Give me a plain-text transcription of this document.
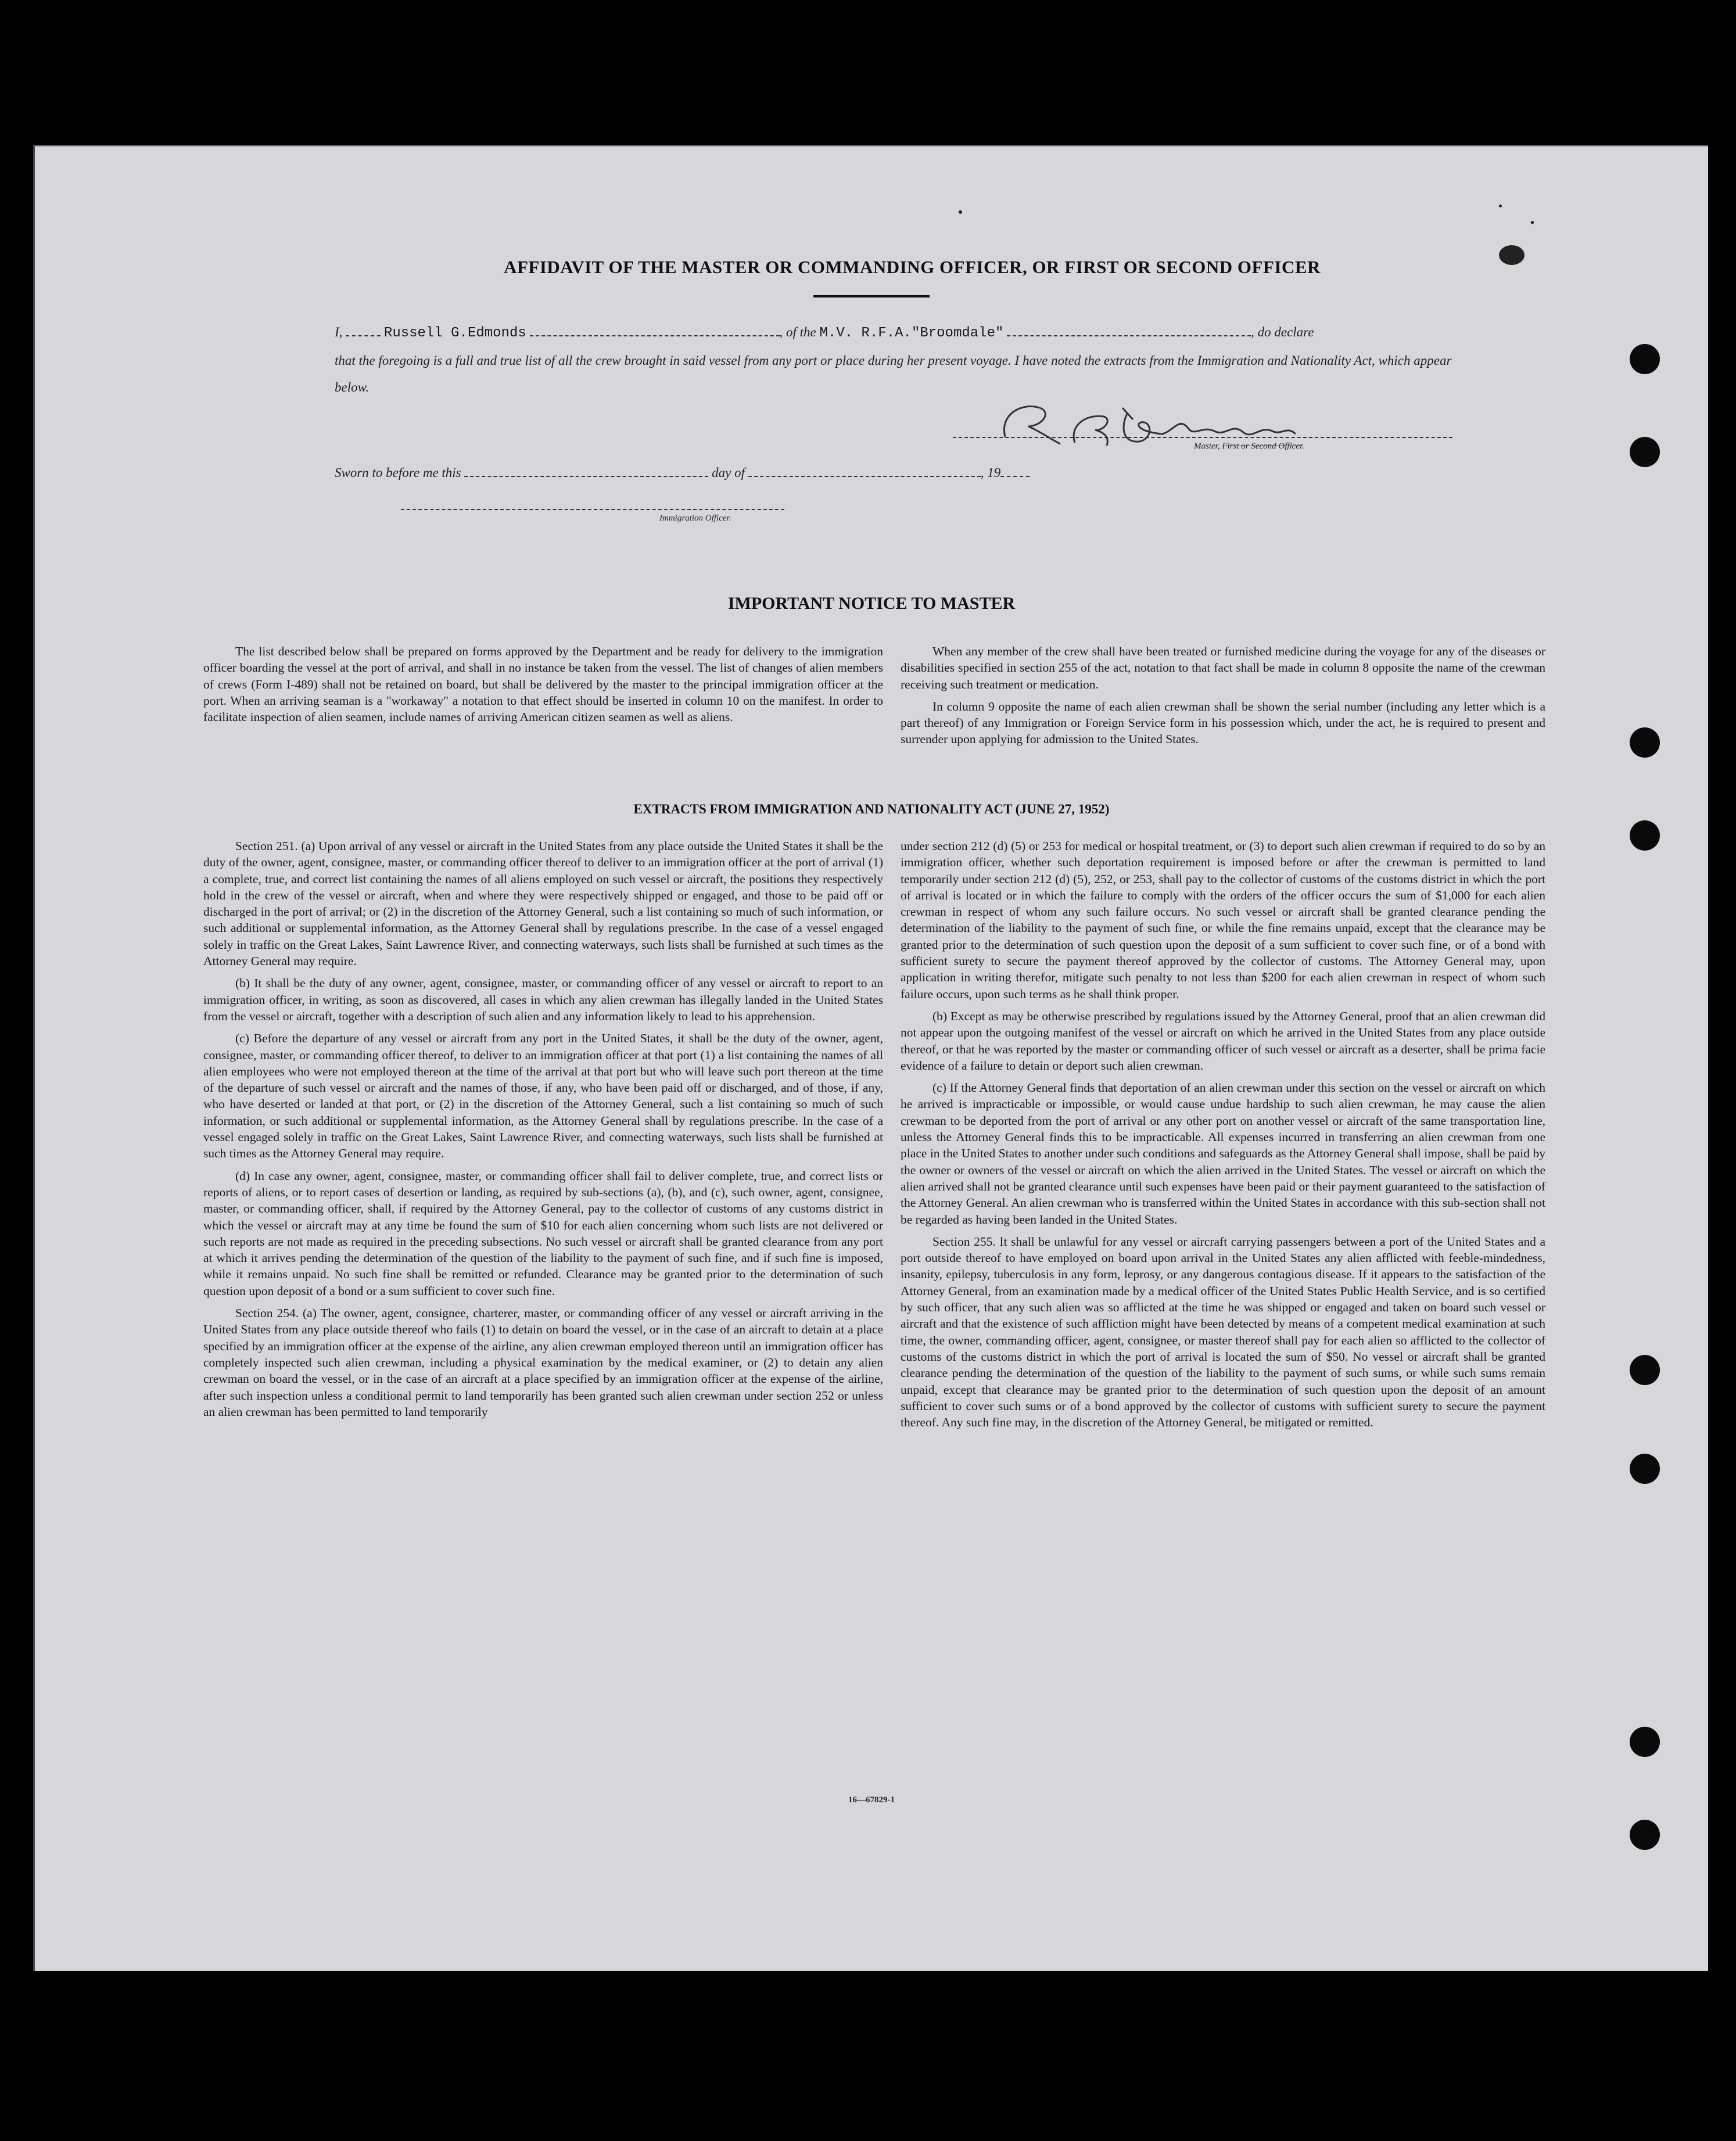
AFFIDAVIT OF THE MASTER OR COMMANDING OFFICER, OR FIRST OR SECOND OFFICER
I,	Russell G.Edmonds	, of the M.V. R.F.A."Broomdale"	, do declare
that the foregoing is a full and true list of all the crew brought in said vessel from any port or place during her present voyage. I have noted the extracts from the Immigration and Nationality Act, which appear below.
Master, First or Second Officer.
Sworn to before me this	day of	, 19
Immigration Officer.
IMPORTANT NOTICE TO MASTER

The list described below shall be prepared on forms approved by the Department and be ready for delivery to the immigration officer boarding the vessel at the port of arrival, and shall in no instance be taken from the vessel. The list of changes of alien members of crews (Form I-489) shall not be retained on board, but shall be delivered by the master to the principal immigration officer at the port. When an arriving seaman is a "workaway" a notation to that effect should be inserted in column 10 on the manifest. In order to facilitate inspection of alien seamen, include names of arriving American citizen seamen as well as aliens.

When any member of the crew shall have been treated or furnished medicine during the voyage for any of the diseases or disabilities specified in section 255 of the act, notation to that fact shall be made in column 8 opposite the name of the crewman receiving such treatment or medication.

In column 9 opposite the name of each alien crewman shall be shown the serial number (including any letter which is a part thereof) of any Immigration or Foreign Service form in his possession which, under the act, he is required to present and surrender upon applying for admission to the United States.

EXTRACTS FROM IMMIGRATION AND NATIONALITY ACT (JUNE 27, 1952)

Section 251. (a) Upon arrival of any vessel or aircraft in the United States from any place outside the United States it shall be the duty of the owner, agent, consignee, master, or commanding officer thereof to deliver to an immigration officer at the port of arrival (1) a complete, true, and correct list containing the names of all aliens employed on such vessel or aircraft, the positions they respectively hold in the crew of the vessel or aircraft, when and where they were respectively shipped or engaged, and those to be paid off or discharged in the port of arrival; or (2) in the discretion of the Attorney General, such a list containing so much of such information, or such additional or supplemental information, as the Attorney General shall by regulations prescribe. In the case of a vessel engaged solely in traffic on the Great Lakes, Saint Lawrence River, and connecting waterways, such lists shall be furnished at such times as the Attorney General may require.

(b) It shall be the duty of any owner, agent, consignee, master, or commanding officer of any vessel or aircraft to report to an immigration officer, in writing, as soon as discovered, all cases in which any alien crewman has illegally landed in the United States from the vessel or aircraft, together with a description of such alien and any information likely to lead to his apprehension.

(c) Before the departure of any vessel or aircraft from any port in the United States, it shall be the duty of the owner, agent, consignee, master, or commanding officer thereof, to deliver to an immigration officer at that port (1) a list containing the names of all alien employees who were not employed thereon at the time of the arrival at that port but who will leave such port thereon at the time of the departure of such vessel or aircraft and the names of those, if any, who have been paid off or discharged, and of those, if any, who have deserted or landed at that port, or (2) in the discretion of the Attorney General, such a list containing so much of such information, or such additional or supplemental information, as the Attorney General shall by regulations prescribe. In the case of a vessel engaged solely in traffic on the Great Lakes, Saint Lawrence River, and connecting waterways, such lists shall be furnished at such times as the Attorney General may require.

(d) In case any owner, agent, consignee, master, or commanding officer shall fail to deliver complete, true, and correct lists or reports of aliens, or to report cases of desertion or landing, as required by sub-sections (a), (b), and (c), such owner, agent, consignee, master, or commanding officer, shall, if required by the Attorney General, pay to the collector of customs of any customs district in which the vessel or aircraft may at any time be found the sum of $10 for each alien concerning whom such lists are not delivered or such reports are not made as required in the preceding subsections. No such vessel or aircraft shall be granted clearance from any port at which it arrives pending the determination of the question of the liability to the payment of such fine, and if such fine is imposed, while it remains unpaid. No such fine shall be remitted or refunded. Clearance may be granted prior to the determination of such question upon deposit of a bond or a sum sufficient to cover such fine.

Section 254. (a) The owner, agent, consignee, charterer, master, or commanding officer of any vessel or aircraft arriving in the United States from any place outside thereof who fails (1) to detain on board the vessel, or in the case of an aircraft to detain at a place specified by an immigration officer at the expense of the airline, any alien crewman employed thereon until an immigration officer has completely inspected such alien crewman, including a physical examination by the medical examiner, or (2) to detain any alien crewman on board the vessel, or in the case of an aircraft at a place specified by an immigration officer at the expense of the airline, after such inspection unless a conditional permit to land temporarily has been granted such alien crewman under section 252 or unless an alien crewman has been permitted to land temporarily

under section 212 (d) (5) or 253 for medical or hospital treatment, or (3) to deport such alien crewman if required to do so by an immigration officer, whether such deportation requirement is imposed before or after the crewman is permitted to land temporarily under section 212 (d) (5), 252, or 253, shall pay to the collector of customs of the customs district in which the port of arrival is located or in which the failure to comply with the orders of the officer occurs the sum of $1,000 for each alien crewman in respect of whom any such failure occurs. No such vessel or aircraft shall be granted clearance pending the determination of the liability to the payment of such fine, or while the fine remains unpaid, except that the clearance may be granted prior to the determination of such question upon the deposit of a sum sufficient to cover such fine, or of a bond with sufficient surety to secure the payment thereof approved by the collector of customs. The Attorney General may, upon application in writing therefor, mitigate such penalty to not less than $200 for each alien crewman in respect of whom such failure occurs, upon such terms as he shall think proper.

(b) Except as may be otherwise prescribed by regulations issued by the Attorney General, proof that an alien crewman did not appear upon the outgoing manifest of the vessel or aircraft on which he arrived in the United States from any place outside thereof, or that he was reported by the master or commanding officer of such vessel or aircraft as a deserter, shall be prima facie evidence of a failure to detain or deport such alien crewman.

(c) If the Attorney General finds that deportation of an alien crewman under this section on the vessel or aircraft on which he arrived is impracticable or impossible, or would cause undue hardship to such alien crewman, he may cause the alien crewman to be deported from the port of arrival or any other port on another vessel or aircraft of the same transportation line, unless the Attorney General finds this to be impracticable. All expenses incurred in transferring an alien crewman from one place in the United States to another under such conditions and safeguards as the Attorney General shall impose, shall be paid by the owner or owners of the vessel or aircraft on which the alien arrived in the United States. The vessel or aircraft on which the alien arrived shall not be granted clearance until such expenses have been paid or their payment guaranteed to the satisfaction of the Attorney General. An alien crewman who is transferred within the United States in accordance with this sub-section shall not be regarded as having been landed in the United States.

Section 255. It shall be unlawful for any vessel or aircraft carrying passengers between a port of the United States and a port outside thereof to have employed on board upon arrival in the United States any alien afflicted with feeble-mindedness, insanity, epilepsy, tuberculosis in any form, leprosy, or any dangerous contagious disease. If it appears to the satisfaction of the Attorney General, from an examination made by a medical officer of the United States Public Health Service, and is so certified by such officer, that any such alien was so afflicted at the time he was shipped or engaged and taken on board such vessel or aircraft and that the existence of such affliction might have been detected by means of a competent medical examination at such time, the owner, commanding officer, agent, consignee, or master thereof shall pay for each alien so afflicted to the collector of customs of the customs district in which the port of arrival is located the sum of $50. No vessel or aircraft shall be granted clearance pending the determination of the question of the liability to the payment of such sums, or while such sums remain unpaid, except that clearance may be granted prior to the determination of such question upon the deposit of an amount sufficient to cover such sums or of a bond approved by the collector of customs with sufficient surety to secure the payment thereof. Any such fine may, in the discretion of the Attorney General, be mitigated or remitted.

16—67829-1
